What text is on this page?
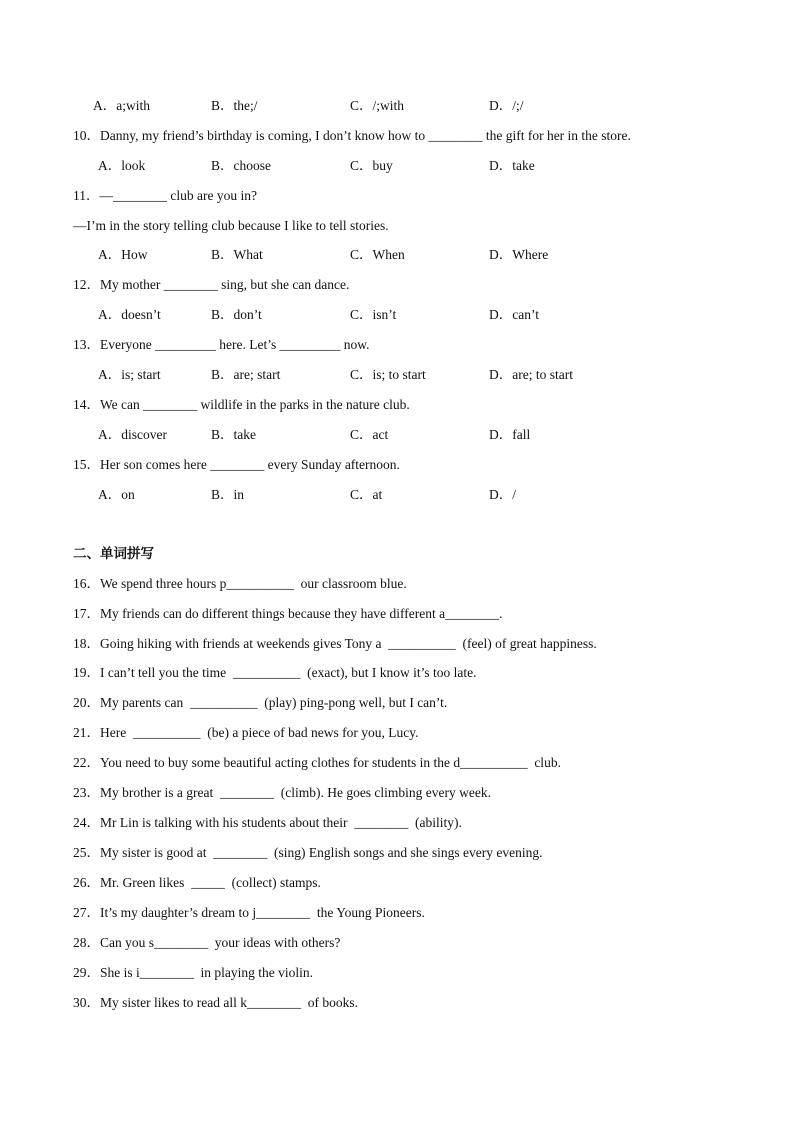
A．a;with

	B．the;/

	C．/;with

	D．/;/

10．Danny, my friend’s birthday is coming, I don’t know how to ________ the gift for her in the store.

A．look

	B．choose

	C．buy

	D．take

11．—________ club are you in?
—I’m in the story telling club because I like to tell stories.

A．How

	B．What

	C．When

	D．Where

12．My mother ________ sing, but she can dance.

A．doesn’t

	B．don’t

	C．isn’t

	D．can’t

13．Everyone _________ here. Let’s _________ now.

A．is; start

	B．are; start

	C．is; to start

	D．are; to start

14．We can ________ wildlife in the parks in the nature club.

A．discover

	B．take

	C．act

	D．fall

15．Her son comes here ________ every Sunday afternoon.

A．on

	B．in

	C．at

	D．/

二、单词拼写
16．We spend three hours p__________  our classroom blue.
17．My friends can do different things because they have different a________.
18．Going hiking with friends at weekends gives Tony a  __________  (feel) of great happiness.
19．I can’t tell you the time  __________  (exact), but I know it’s too late.
20．My parents can  __________  (play) ping-pong well, but I can’t.
21．Here  __________  (be) a piece of bad news for you, Lucy.
22．You need to buy some beautiful acting clothes for students in the d__________  club.
23．My brother is a great  ________  (climb). He goes climbing every week.
24．Mr Lin is talking with his students about their  ________  (ability).
25．My sister is good at  ________  (sing) English songs and she sings every evening.
26．Mr. Green likes  _____  (collect) stamps.
27．It’s my daughter’s dream to j________  the Young Pioneers.
28．Can you s________  your ideas with others?
29．She is i________  in playing the violin.
30．My sister likes to read all k________  of books.
